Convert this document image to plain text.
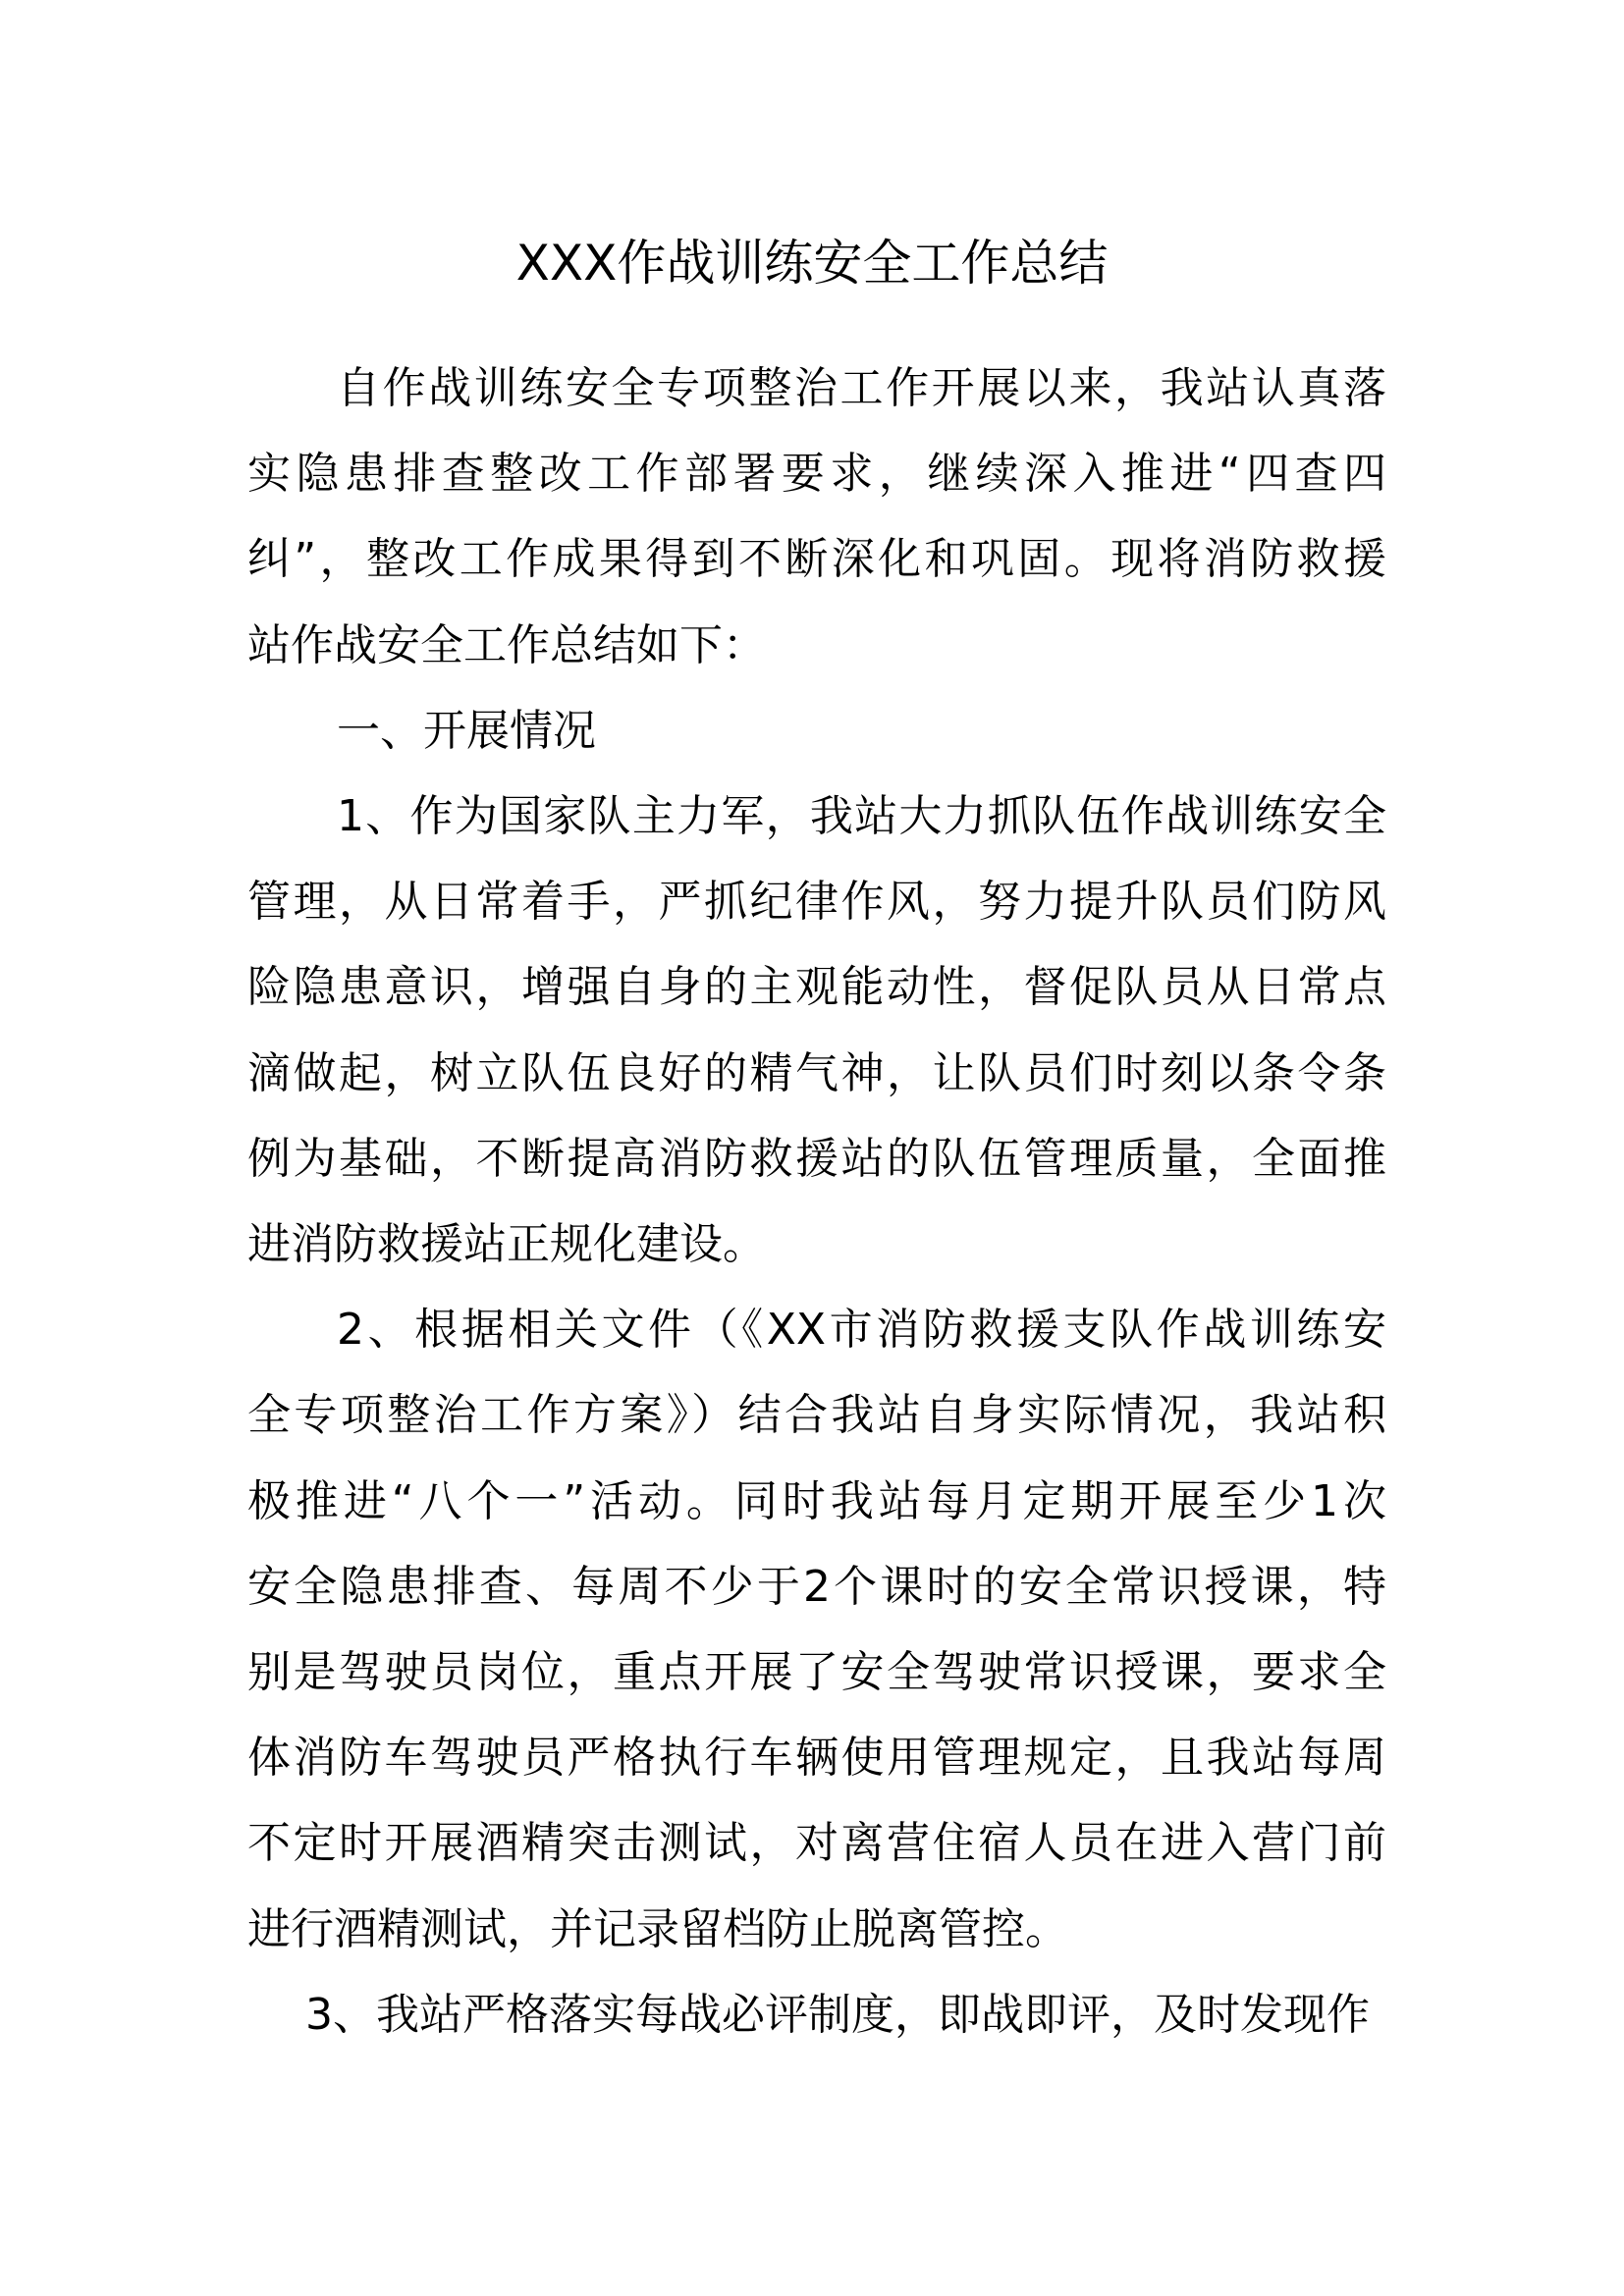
XXX作战训练安全工作总结
自作战训练安全专项整治工作开展以来，我站认真落
实隐患排查整改工作部署要求，继续深入推进“四查四
纠”，整改工作成果得到不断深化和巩固。现将消防救援
站作战安全工作总结如下：
一、开展情况
1、作为国家队主力军，我站大力抓队伍作战训练安全
管理，从日常着手，严抓纪律作风，努力提升队员们防风
险隐患意识，增强自身的主观能动性，督促队员从日常点
滴做起，树立队伍良好的精气神，让队员们时刻以条令条
例为基础，不断提高消防救援站的队伍管理质量，全面推
进消防救援站正规化建设。
2、根据相关文件（《XX市消防救援支队作战训练安
全专项整治工作方案》）结合我站自身实际情况，我站积
极推进“八个一”活动。同时我站每月定期开展至少1次
安全隐患排查、每周不少于2个课时的安全常识授课，特
别是驾驶员岗位，重点开展了安全驾驶常识授课，要求全
体消防车驾驶员严格执行车辆使用管理规定，且我站每周
不定时开展酒精突击测试，对离营住宿人员在进入营门前
进行酒精测试，并记录留档防止脱离管控。
3、我站严格落实每战必评制度，即战即评，及时发现作
